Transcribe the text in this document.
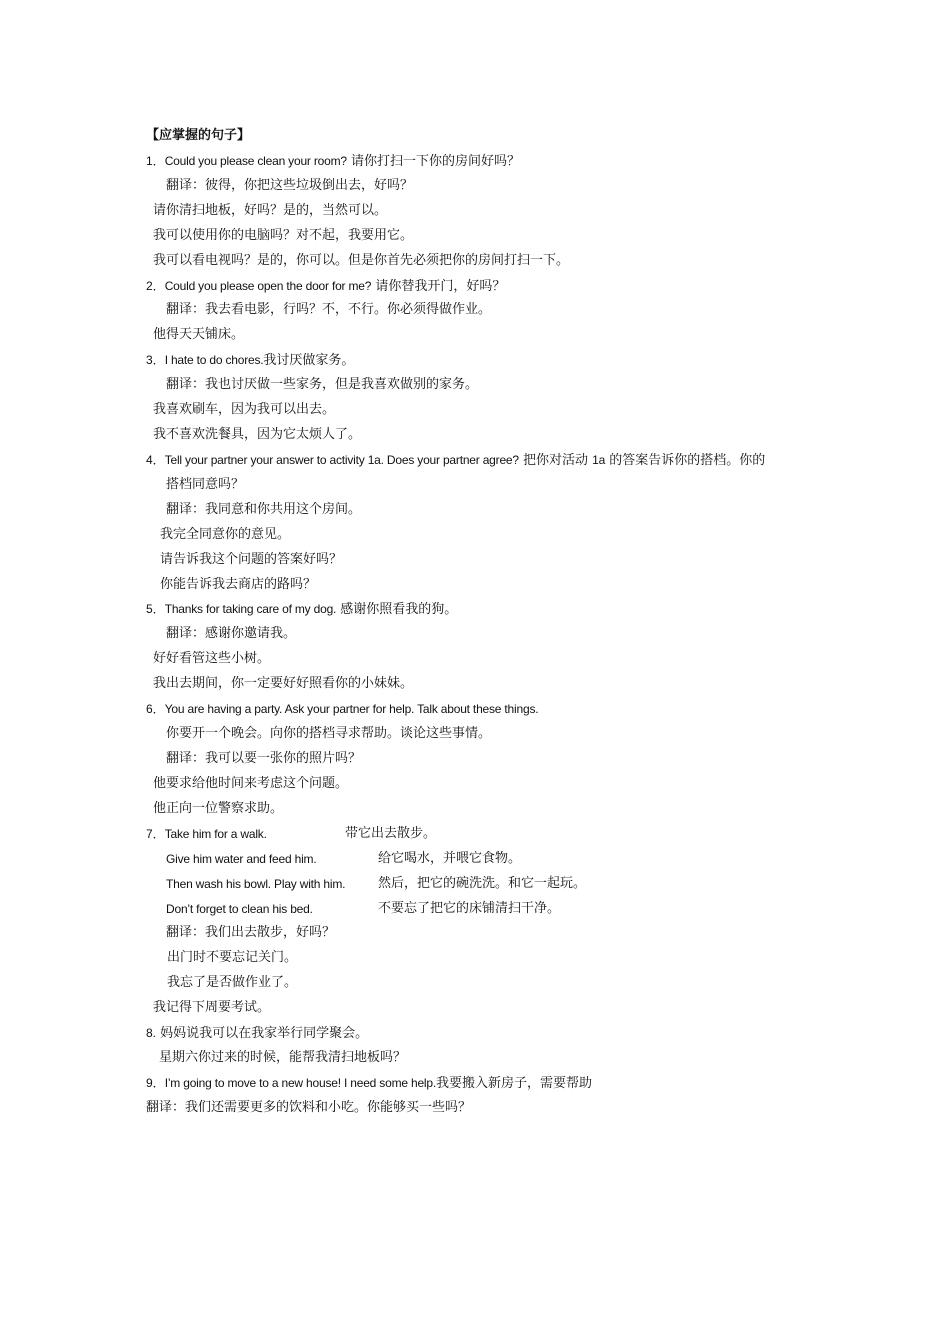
【应掌握的句子】
1．Could you please clean your room? 请你打扫一下你的房间好吗？
翻译：彼得，你把这些垃圾倒出去，好吗？
请你清扫地板，好吗？是的，当然可以。
我可以使用你的电脑吗？对不起，我要用它。
我可以看电视吗？是的，你可以。但是你首先必须把你的房间打扫一下。
2．Could you please open the door for me? 请你替我开门，好吗？
翻译：我去看电影，行吗？不，不行。你必须得做作业。
他得天天铺床。
3．I hate to do chores.我讨厌做家务。
翻译：我也讨厌做一些家务，但是我喜欢做别的家务。
我喜欢刷车，因为我可以出去。
我不喜欢洗餐具，因为它太烦人了。
4．Tell your partner your answer to activity 1a. Does your partner agree? 把你对活动 1a 的答案告诉你的搭档。你的
搭档同意吗？
翻译：我同意和你共用这个房间。
我完全同意你的意见。
请告诉我这个问题的答案好吗？
你能告诉我去商店的路吗？
5．Thanks for taking care of my dog. 感谢你照看我的狗。
翻译：感谢你邀请我。
好好看管这些小树。
我出去期间，你一定要好好照看你的小妹妹。
6．You are having a party. Ask your partner for help. Talk about these things.
你要开一个晚会。向你的搭档寻求帮助。谈论这些事情。
翻译：我可以要一张你的照片吗？
他要求给他时间来考虑这个问题。
他正向一位警察求助。
7．Take him for a walk.	带它出去散步。
Give him water and feed him.	给它喝水，并喂它食物。
Then wash his bowl. Play with him.	然后，把它的碗洗洗。和它一起玩。
Don’t forget to clean his bed.	不要忘了把它的床铺清扫干净。
翻译：我们出去散步，好吗？
出门时不要忘记关门。
我忘了是否做作业了。
我记得下周要考试。
8. 妈妈说我可以在我家举行同学聚会。
星期六你过来的时候，能帮我清扫地板吗？
9．I’m going to move to a new house! I need some help.我要搬入新房子，需要帮助
翻译：我们还需要更多的饮料和小吃。你能够买一些吗？
